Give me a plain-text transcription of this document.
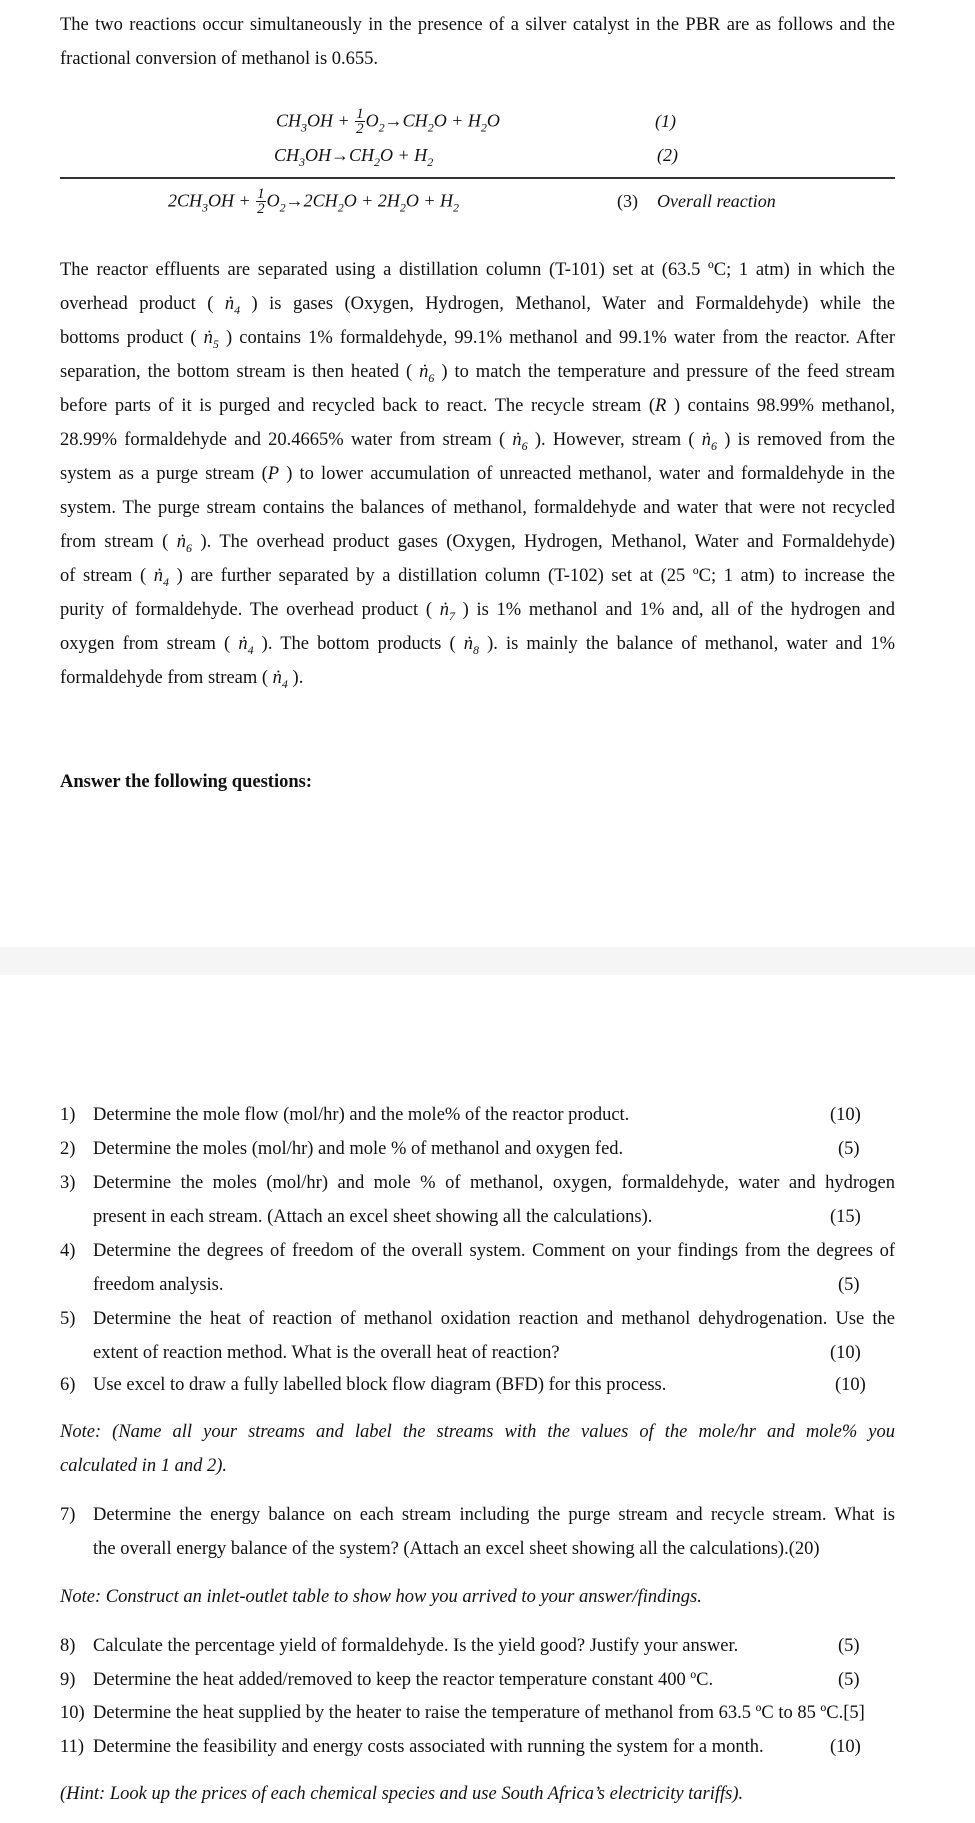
The two reactions occur simultaneously in the presence of a silver catalyst in the PBR are as follows and the
fractional conversion of methanol is 0.655.
$CH_3OH + \frac{1}{2} O_2\to CH_2O + H_2O$	(1)
$CH_3OH\to CH_2O + H_2$	(2)
$2CH_3OH + \frac{1}{2} O_2\to 2CH_2O + 2H_2O + H_2$	(3) Overall reaction
The reactor effluents are separated using a distillation column (T-101) set at (63.5 ºC; 1 atm) in which the
overhead product ( ṅ$_4$ ) is gases (Oxygen, Hydrogen, Methanol, Water and Formaldehyde) while the
bottoms product ( ṅ$_5$ ) contains 1% formaldehyde, 99.1% methanol and 99.1% water from the reactor. After
separation, the bottom stream is then heated ( ṅ$_6$ ) to match the temperature and pressure of the feed stream
before parts of it is purged and recycled back to react. The recycle stream (R ) contains 98.99% methanol,
28.99% formaldehyde and 20.4665% water from stream ( ṅ$_6$ ). However, stream ( ṅ$_6$ ) is removed from the
system as a purge stream (P ) to lower accumulation of unreacted methanol, water and formaldehyde in the
system. The purge stream contains the balances of methanol, formaldehyde and water that were not recycled
from stream ( ṅ$_6$ ). The overhead product gases (Oxygen, Hydrogen, Methanol, Water and Formaldehyde)
of stream ( ṅ$_4$ ) are further separated by a distillation column (T-102) set at (25 ºC; 1 atm) to increase the
purity of formaldehyde. The overhead product ( ṅ$_7$ ) is 1% methanol and 1% and, all of the hydrogen and
oxygen from stream ( ṅ$_4$ ). The bottom products ( ṅ$_8$ ). is mainly the balance of methanol, water and 1%
formaldehyde from stream ( ṅ$_4$ ).
Answer the following questions:
1) Determine the mole flow (mol/hr) and the mole% of the reactor product.	(10)
2) Determine the moles (mol/hr) and mole % of methanol and oxygen fed.	(5)
3) Determine the moles (mol/hr) and mole % of methanol, oxygen, formaldehyde, water and hydrogen
present in each stream. (Attach an excel sheet showing all the calculations).	(15)
4) Determine the degrees of freedom of the overall system. Comment on your findings from the degrees of
freedom analysis.	(5)
5) Determine the heat of reaction of methanol oxidation reaction and methanol dehydrogenation. Use the
extent of reaction method. What is the overall heat of reaction?	(10)
6) Use excel to draw a fully labelled block flow diagram (BFD) for this process.	(10)
7) Determine the energy balance on each stream including the purge stream and recycle stream. What is
the overall energy balance of the system? (Attach an excel sheet showing all the calculations).(20)
8) Calculate the percentage yield of formaldehyde. Is the yield good? Justify your answer.	(5)
9) Determine the heat added/removed to keep the reactor temperature constant 400 ºC.	(5)
10) Determine the heat supplied by the heater to raise the temperature of methanol from 63.5 ºC to 85 ºC.[5]
11) Determine the feasibility and energy costs associated with running the system for a month.	(10)
Note: (Name all your streams and label the streams with the values of the mole/hr and mole% you
calculated in 1 and 2).
Note: Construct an inlet-outlet table to show how you arrived to your answer/findings.
(Hint: Look up the prices of each chemical species and use South Africa’s electricity tariffs).
